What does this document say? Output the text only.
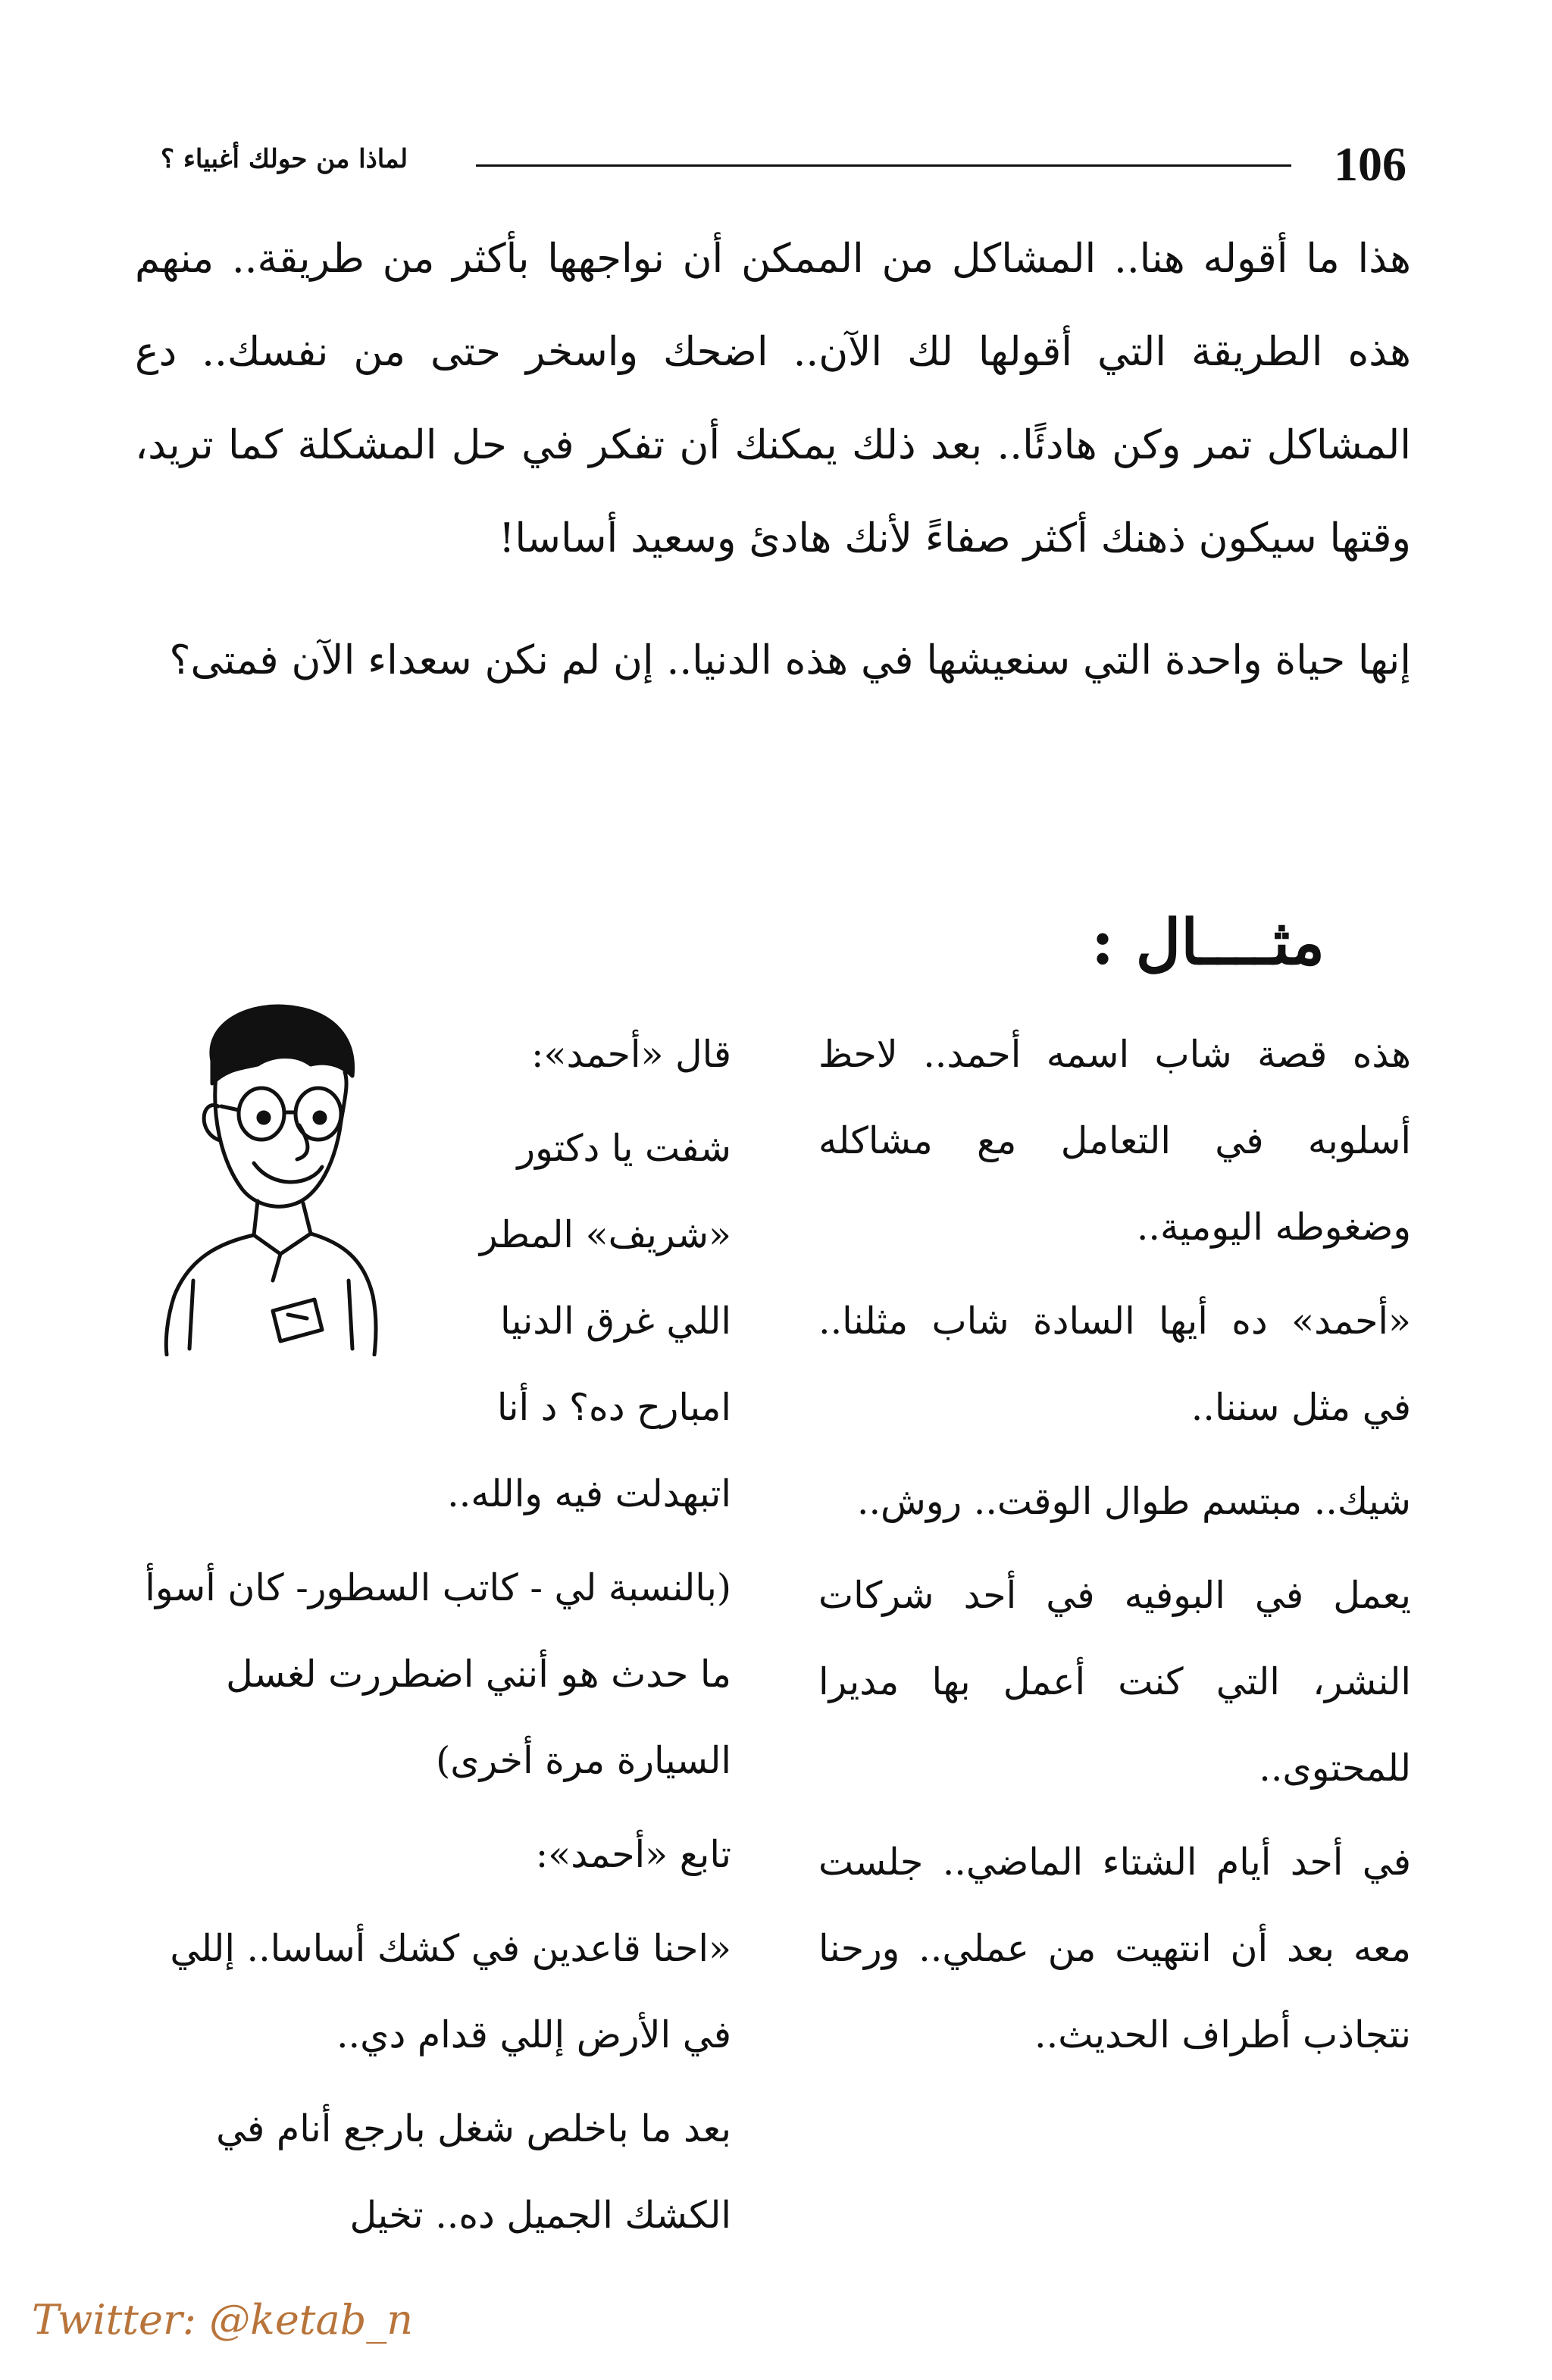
106
لماذا من حولك أغبياء ؟

هذا ما أقوله هنا.. المشاكل من الممكن أن نواجهها بأكثر من طريقة.. منهم هذه الطريقة التي أقولها لك الآن.. اضحك واسخر حتى من نفسك.. دع المشاكل تمر وكن هادئًا.. بعد ذلك يمكنك أن تفكر في حل المشكلة كما تريد، وقتها سيكون ذهنك أكثر صفاءً لأنك هادئ وسعيد أساسا!

إنها حياة واحدة التي سنعيشها في هذه الدنيا.. إن لم نكن سعداء الآن فمتى؟

مثــــال :

هذه قصة شاب اسمه أحمد.. لاحظ أسلوبه في التعامل مع مشاكله وضغوطه اليومية..

«أحمد» ده أيها السادة شاب مثلنا.. في مثل سننا..

شيك.. مبتسم طوال الوقت.. روش..

يعمل في البوفيه في أحد شركات النشر، التي كنت أعمل بها مديرا للمحتوى..

في أحد أيام الشتاء الماضي.. جلست معه بعد أن انتهيت من عملي.. ورحنا نتجاذب أطراف الحديث..

قال «أحمد»:

شفت يا دكتور «شريف» المطر اللي غرق الدنيا امبارح ده؟ د أنا اتبهدلت فيه والله..

(بالنسبة لي - كاتب السطور- كان أسوأ ما حدث هو أنني اضطررت لغسل السيارة مرة أخرى)

تابع «أحمد»:

«احنا قاعدين في كشك أساسا.. إللي في الأرض إللي قدام دي..

بعد ما باخلص شغل بارجع أنام في الكشك الجميل ده.. تخيل

Twitter: @ketab_n
